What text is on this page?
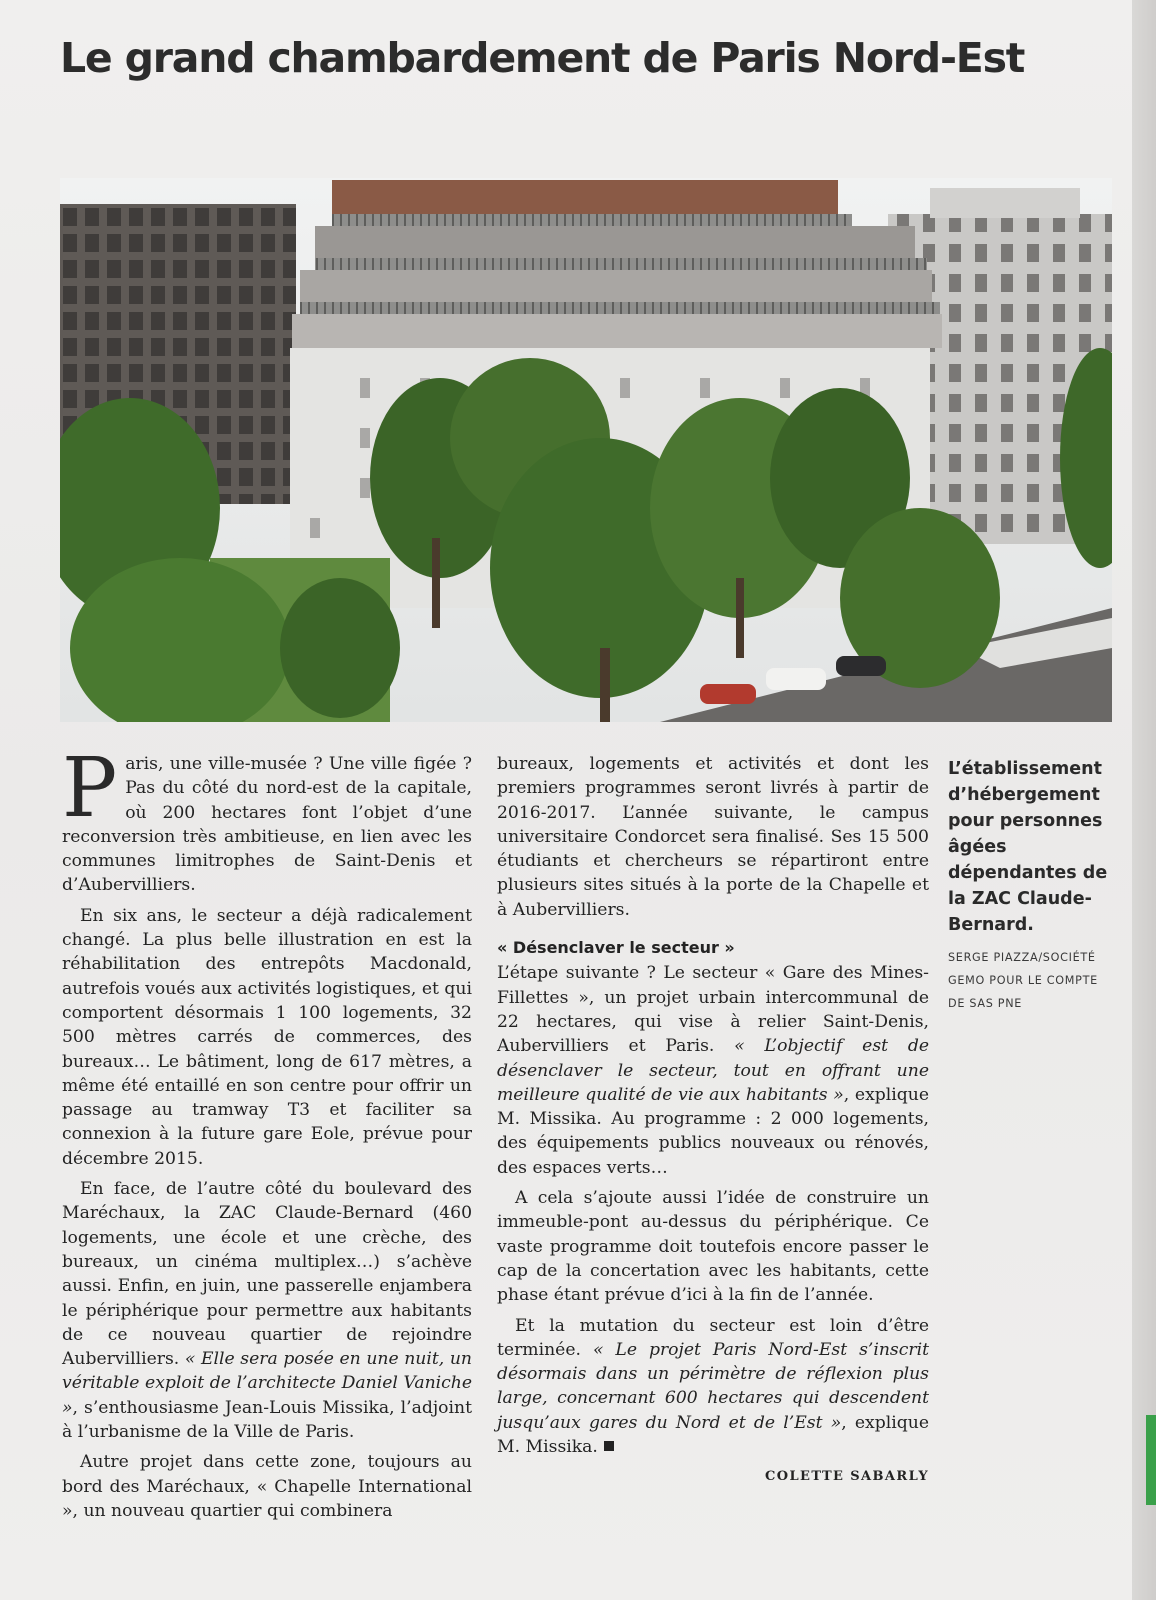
Le grand chambardement de Paris Nord-Est

Paris, une ville-musée ? Une ville figée ? Pas du côté du nord-est de la capitale, où 200 hectares font l’objet d’une reconversion très ambitieuse, en lien avec les communes limitrophes de Saint-Denis et d’Aubervilliers.

En six ans, le secteur a déjà radicalement changé. La plus belle illustration en est la réhabilitation des entrepôts Macdonald, autrefois voués aux activités logistiques, et qui comportent désormais 1 100 logements, 32 500 mètres carrés de commerces, des bureaux… Le bâtiment, long de 617 mètres, a même été entaillé en son centre pour offrir un passage au tramway T3 et faciliter sa connexion à la future gare Eole, prévue pour décembre 2015.

En face, de l’autre côté du boulevard des Maréchaux, la ZAC Claude-Bernard (460 logements, une école et une crèche, des bureaux, un cinéma multiplex…) s’achève aussi. Enfin, en juin, une passerelle enjambera le périphérique pour permettre aux habitants de ce nouveau quartier de rejoindre Aubervilliers. « Elle sera posée en une nuit, un véritable exploit de l’architecte Daniel Vaniche », s’enthousiasme Jean-Louis Missika, l’adjoint à l’urbanisme de la Ville de Paris.

Autre projet dans cette zone, toujours au bord des Maréchaux, « Chapelle International », un nouveau quartier qui combinera

bureaux, logements et activités et dont les premiers programmes seront livrés à partir de 2016-2017. L’année suivante, le campus universitaire Condorcet sera finalisé. Ses 15 500 étudiants et chercheurs se répartiront entre plusieurs sites situés à la porte de la Chapelle et à Aubervilliers.

« Désenclaver le secteur »

L’étape suivante ? Le secteur « Gare des Mines-Fillettes », un projet urbain intercommunal de 22 hectares, qui vise à relier Saint-Denis, Aubervilliers et Paris. « L’objectif est de désenclaver le secteur, tout en offrant une meilleure qualité de vie aux habitants », explique M. Missika. Au programme : 2 000 logements, des équipements publics nouveaux ou rénovés, des espaces verts…

A cela s’ajoute aussi l’idée de construire un immeuble-pont au-dessus du périphérique. Ce vaste programme doit toutefois encore passer le cap de la concertation avec les habitants, cette phase étant prévue d’ici à la fin de l’année.

Et la mutation du secteur est loin d’être terminée. « Le projet Paris Nord-Est s’inscrit désormais dans un périmètre de réflexion plus large, concernant 600 hectares qui descendent jusqu’aux gares du Nord et de l’Est », explique M. Missika.

COLETTE SABARLY

L’établissement d’hébergement pour personnes âgées dépendantes de la ZAC Claude-Bernard.
SERGE PIAZZA/SOCIÉTÉ GEMO POUR LE COMPTE DE SAS PNE
